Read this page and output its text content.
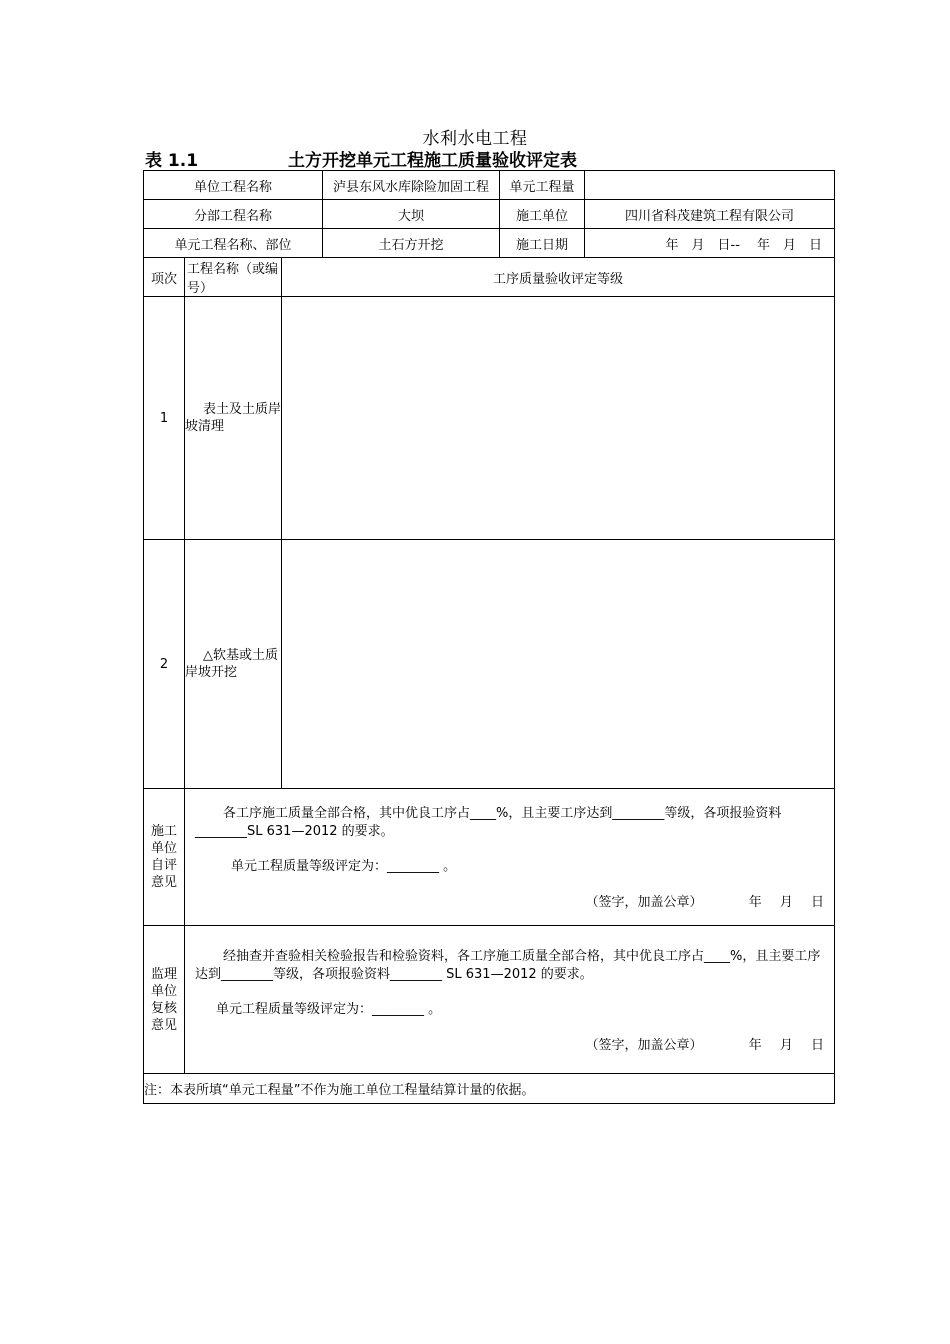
水利水电工程
表 1.1	土方开挖单元工程施工质量验收评定表
单位工程名称			泸县东风水库除险加固工程	单元工程量	
分部工程名称			大坝	施工单位	四川省科茂建筑工程有限公司
单元工程名称、部位			土石方开挖	施工日期	年　月　日--　 年　月　日
项次	工程名称（或编号）	工序质量验收评定等级			
1	表土及土质岸坡清理				
2	△软基或土质岸坡开挖				

施工单位自评意见	各工序施工质量全部合格，其中优良工序占____%，且主要工序达到________等级，各项报验资料________SL 631—2012 的要求。

单元工程质量等级评定为：________ 。

（签字，加盖公章） 年 月 日				

监理单位复核意见	经抽查并查验相关检验报告和检验资料，各工序施工质量全部合格，其中优良工序占____%，且主要工序达到________等级，各项报验资料________ SL 631—2012 的要求。

单元工程质量等级评定为：________ 。

（签字，加盖公章） 年 月 日				

注：本表所填“单元工程量”不作为施工单位工程量结算计量的依据。					
